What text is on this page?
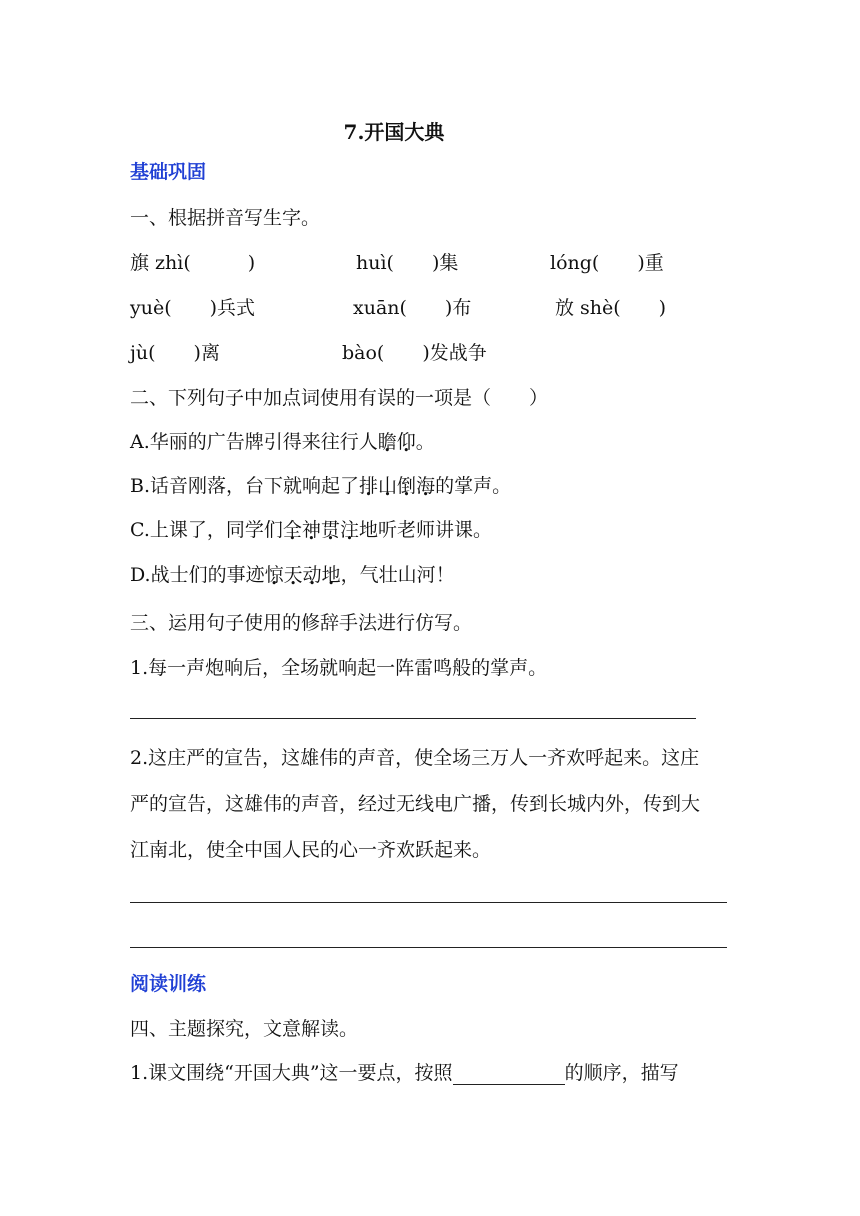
7.开国大典
基础巩固
一、根据拼音写生字。
旗 zhì(　　　)	huì(　　)集	lóng(　　)重
yuè(　　)兵式	xuān(　　)布	放 shè(　　)
jù(　　)离	bào(　　)发战争
二、下列句子中加点词使用有误的一项是（　　）
A.华丽的广告牌引得来往行人瞻仰。
B.话音刚落，台下就响起了排山倒海的掌声。
C.上课了，同学们全神贯注地听老师讲课。
D.战士们的事迹惊天动地，气壮山河！
三、运用句子使用的修辞手法进行仿写。
1.每一声炮响后，全场就响起一阵雷鸣般的掌声。
2.这庄严的宣告，这雄伟的声音，使全场三万人一齐欢呼起来。这庄
严的宣告，这雄伟的声音，经过无线电广播，传到长城内外，传到大
江南北，使全中国人民的心一齐欢跃起来。
阅读训练
四、主题探究，文意解读。
1.课文围绕“开国大典”这一要点，按照	的顺序，描写
